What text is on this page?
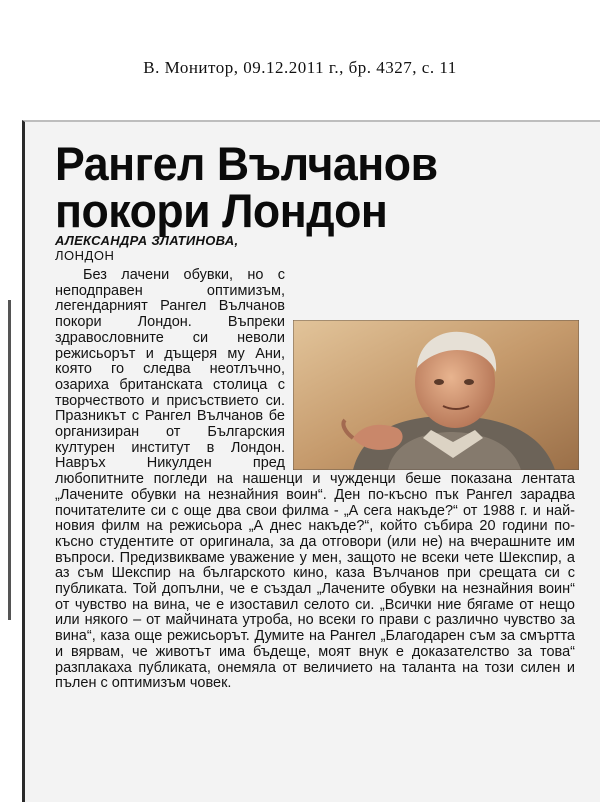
В. Монитор, 09.12.2011 г., бр. 4327, с. 11
Рангел Вълчанов
покори Лондон
АЛЕКСАНДРА ЗЛАТИНОВА,
ЛОНДОН

Без лачени обувки, но с неподправен оптимизъм, легендарният Рангел Вълчанов покори Лондон. Въпреки здравословните си неволи режисьорът и дъщеря му Ани, която го следва неотлъчно, озариха британската столица с творчеството и присъствието си. Празникът с Рангел Вълчанов бе организиран от Българския културен институт в Лондон. Навръх Никулден пред любопитните погледи на нашенци и чужденци беше показана лентата „Лачените обувки на незнайния воин“. Ден по-късно пък Рангел зарадва почитателите си с още два свои филма - „А сега накъде?“ от 1988 г. и най-новия филм на режисьора „А днес накъде?“, който събира 20 години по-късно студентите от оригинала, за да отговори (или не) на вчерашните им въпроси. Предизвикваме уважение у мен, защото не всеки чете Шекспир, а аз съм Шекспир на българското кино, каза Вълчанов при срещата си с публиката. Той допълни, че е създал „Лачените обувки на незнайния воин“ от чувство на вина, че е изоставил селото си. „Всички ние бягаме от нещо или някого – от майчината утроба, но всеки го прави с различно чувство за вина“, каза още режисьорът. Думите на Рангел „Благодарен съм за смъртта и вярвам, че животът има бъдеще, моят внук е доказателство за това“ разплакаха публиката, онемяла от величието на таланта на този силен и пълен с оптимизъм човек.
